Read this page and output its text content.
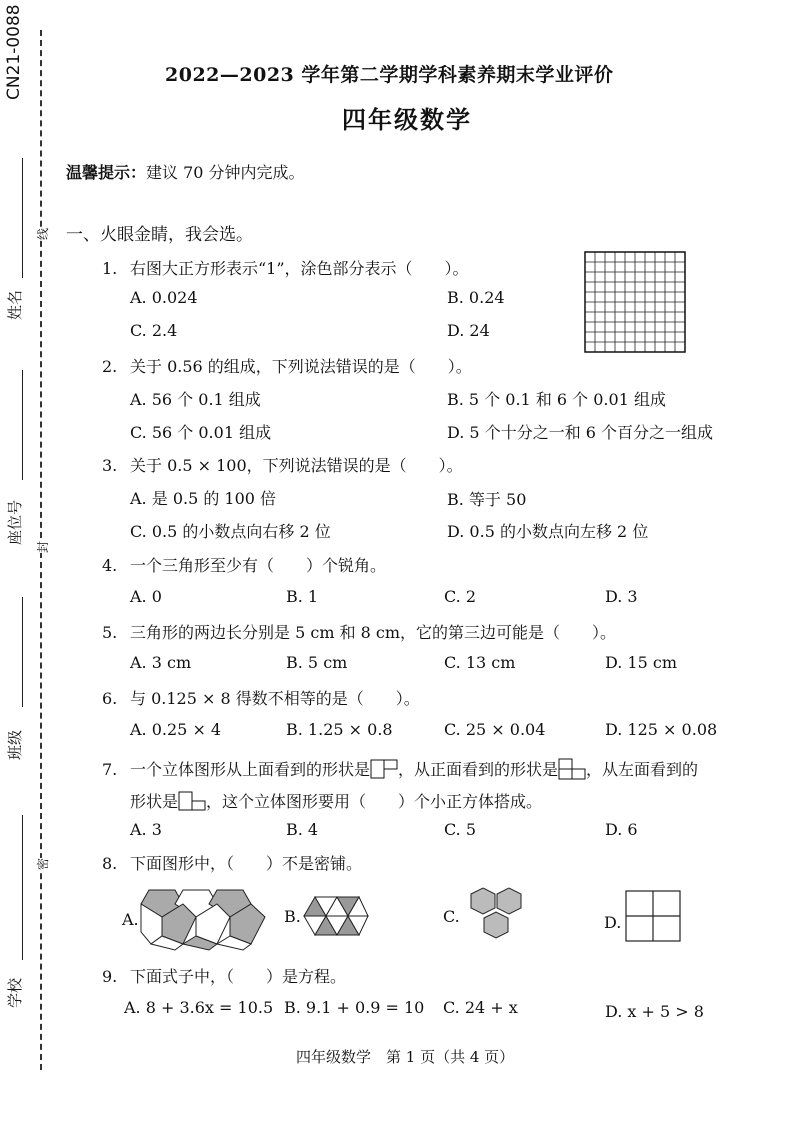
CN21-0088
线
封
密
姓名
座位号
班级
学校
2022—2023 学年第二学期学科素养期末学业评价
四年级数学
温馨提示：建议 70 分钟内完成。
一、火眼金睛，我会选。
1. 右图大正方形表示“1”，涂色部分表示（　　）。
A. 0.024	B. 0.24
C. 2.4	D. 24
2. 关于 0.56 的组成，下列说法错误的是（　　）。
A. 56 个 0.1 组成	B. 5 个 0.1 和 6 个 0.01 组成
C. 56 个 0.01 组成	D. 5 个十分之一和 6 个百分之一组成
3. 关于 0.5 × 100，下列说法错误的是（　　）。
A. 是 0.5 的 100 倍	B. 等于 50
C. 0.5 的小数点向右移 2 位	D. 0.5 的小数点向左移 2 位
4. 一个三角形至少有（　　）个锐角。
A. 0	B. 1	C. 2	D. 3
5. 三角形的两边长分别是 5 cm 和 8 cm，它的第三边可能是（　　）。
A. 3 cm	B. 5 cm	C. 13 cm	D. 15 cm
6. 与 0.125 × 8 得数不相等的是（　　）。
A. 0.25 × 4	B. 1.25 × 0.8	C. 25 × 0.04	D. 125 × 0.08
7. 一个立体图形从上面看到的形状是 ，从正面看到的形状是 ，从左面看到的
形状是 ，这个立体图形要用（　　）个小正方体搭成。
A. 3	B. 4	C. 5	D. 6
8. 下面图形中，（　　）不是密铺。
A.	B.	C.	D.
9. 下面式子中，（　　）是方程。
A. 8 + 3.6x = 10.5 B. 9.1 + 0.9 = 10 C. 24 + x	D. x + 5 > 8
四年级数学　第 1 页（共 4 页）
